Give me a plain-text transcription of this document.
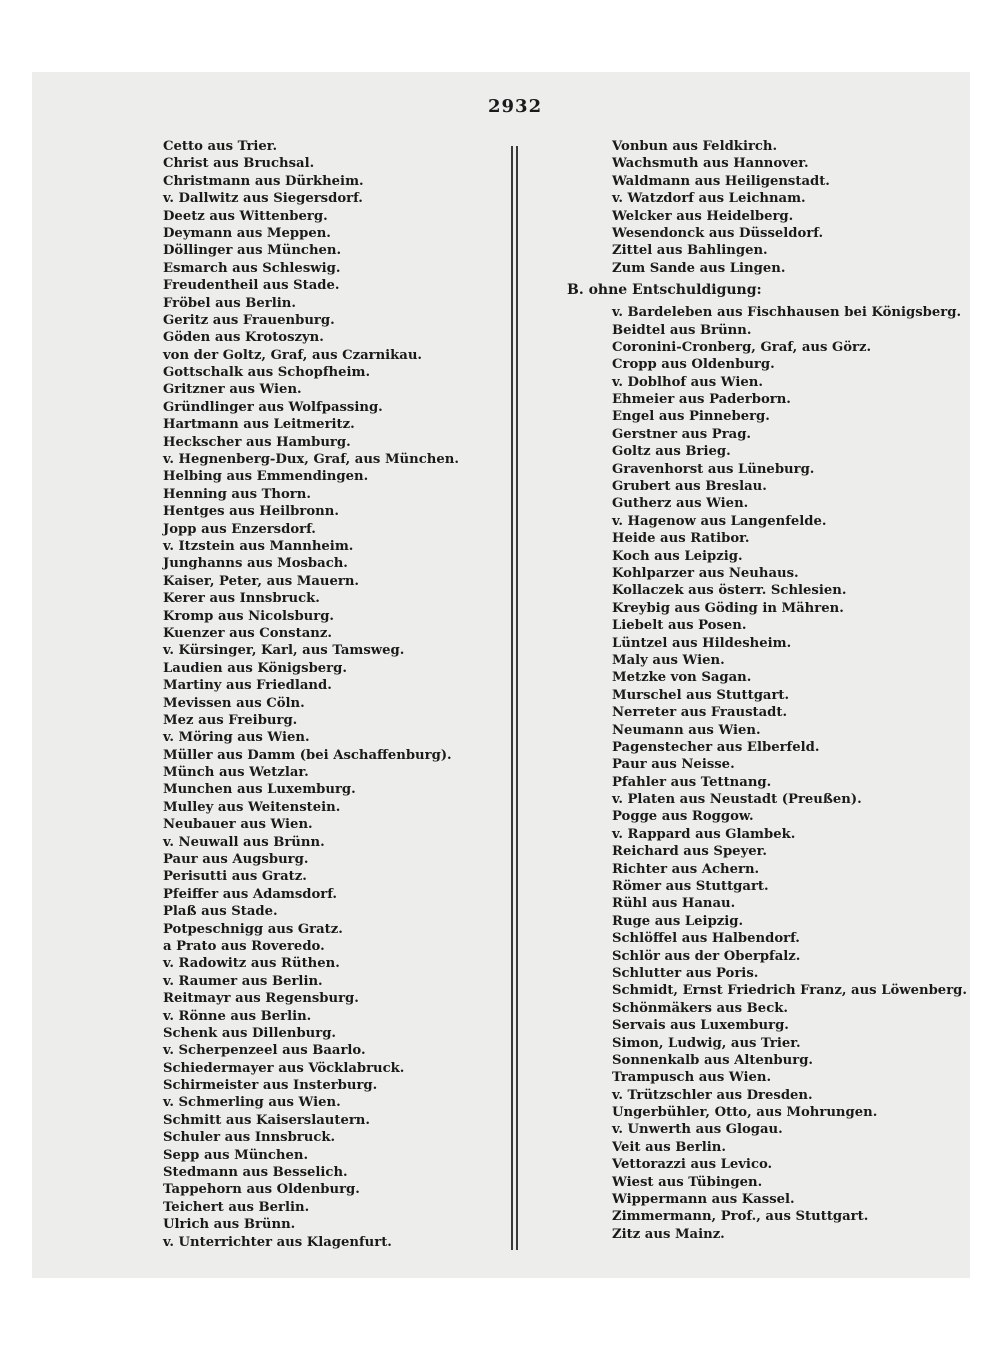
2932
Cetto aus Trier.
Christ aus Bruchsal.
Christmann aus Dürkheim.
v. Dallwitz aus Siegersdorf.
Deetz aus Wittenberg.
Deymann aus Meppen.
Döllinger aus München.
Esmarch aus Schleswig.
Freudentheil aus Stade.
Fröbel aus Berlin.
Geritz aus Frauenburg.
Göden aus Krotoszyn.
von der Goltz, Graf, aus Czarnikau.
Gottschalk aus Schopfheim.
Gritzner aus Wien.
Gründlinger aus Wolfpassing.
Hartmann aus Leitmeritz.
Heckscher aus Hamburg.
v. Hegnenberg-Dux, Graf, aus München.
Helbing aus Emmendingen.
Henning aus Thorn.
Hentges aus Heilbronn.
Jopp aus Enzersdorf.
v. Itzstein aus Mannheim.
Junghanns aus Mosbach.
Kaiser, Peter, aus Mauern.
Kerer aus Innsbruck.
Kromp aus Nicolsburg.
Kuenzer aus Constanz.
v. Kürsinger, Karl, aus Tamsweg.
Laudien aus Königsberg.
Martiny aus Friedland.
Mevissen aus Cöln.
Mez aus Freiburg.
v. Möring aus Wien.
Müller aus Damm (bei Aschaffenburg).
Münch aus Wetzlar.
Munchen aus Luxemburg.
Mulley aus Weitenstein.
Neubauer aus Wien.
v. Neuwall aus Brünn.
Paur aus Augsburg.
Perisutti aus Gratz.
Pfeiffer aus Adamsdorf.
Plaß aus Stade.
Potpeschnigg aus Gratz.
a Prato aus Roveredo.
v. Radowitz aus Rüthen.
v. Raumer aus Berlin.
Reitmayr aus Regensburg.
v. Rönne aus Berlin.
Schenk aus Dillenburg.
v. Scherpenzeel aus Baarlo.
Schiedermayer aus Vöcklabruck.
Schirmeister aus Insterburg.
v. Schmerling aus Wien.
Schmitt aus Kaiserslautern.
Schuler aus Innsbruck.
Sepp aus München.
Stedmann aus Besselich.
Tappehorn aus Oldenburg.
Teichert aus Berlin.
Ulrich aus Brünn.
v. Unterrichter aus Klagenfurt.
Vonbun aus Feldkirch.
Wachsmuth aus Hannover.
Waldmann aus Heiligenstadt.
v. Watzdorf aus Leichnam.
Welcker aus Heidelberg.
Wesendonck aus Düsseldorf.
Zittel aus Bahlingen.
Zum Sande aus Lingen.
B. ohne Entschuldigung:
v. Bardeleben aus Fischhausen bei Königsberg.
Beidtel aus Brünn.
Coronini-Cronberg, Graf, aus Görz.
Cropp aus Oldenburg.
v. Doblhof aus Wien.
Ehmeier aus Paderborn.
Engel aus Pinneberg.
Gerstner aus Prag.
Goltz aus Brieg.
Gravenhorst aus Lüneburg.
Grubert aus Breslau.
Gutherz aus Wien.
v. Hagenow aus Langenfelde.
Heide aus Ratibor.
Koch aus Leipzig.
Kohlparzer aus Neuhaus.
Kollaczek aus österr. Schlesien.
Kreybig aus Göding in Mähren.
Liebelt aus Posen.
Lüntzel aus Hildesheim.
Maly aus Wien.
Metzke von Sagan.
Murschel aus Stuttgart.
Nerreter aus Fraustadt.
Neumann aus Wien.
Pagenstecher aus Elberfeld.
Paur aus Neisse.
Pfahler aus Tettnang.
v. Platen aus Neustadt (Preußen).
Pogge aus Roggow.
v. Rappard aus Glambek.
Reichard aus Speyer.
Richter aus Achern.
Römer aus Stuttgart.
Rühl aus Hanau.
Ruge aus Leipzig.
Schlöffel aus Halbendorf.
Schlör aus der Oberpfalz.
Schlutter aus Poris.
Schmidt, Ernst Friedrich Franz, aus Löwenberg.
Schönmäkers aus Beck.
Servais aus Luxemburg.
Simon, Ludwig, aus Trier.
Sonnenkalb aus Altenburg.
Trampusch aus Wien.
v. Trützschler aus Dresden.
Ungerbühler, Otto, aus Mohrungen.
v. Unwerth aus Glogau.
Veit aus Berlin.
Vettorazzi aus Levico.
Wiest aus Tübingen.
Wippermann aus Kassel.
Zimmermann, Prof., aus Stuttgart.
Zitz aus Mainz.
